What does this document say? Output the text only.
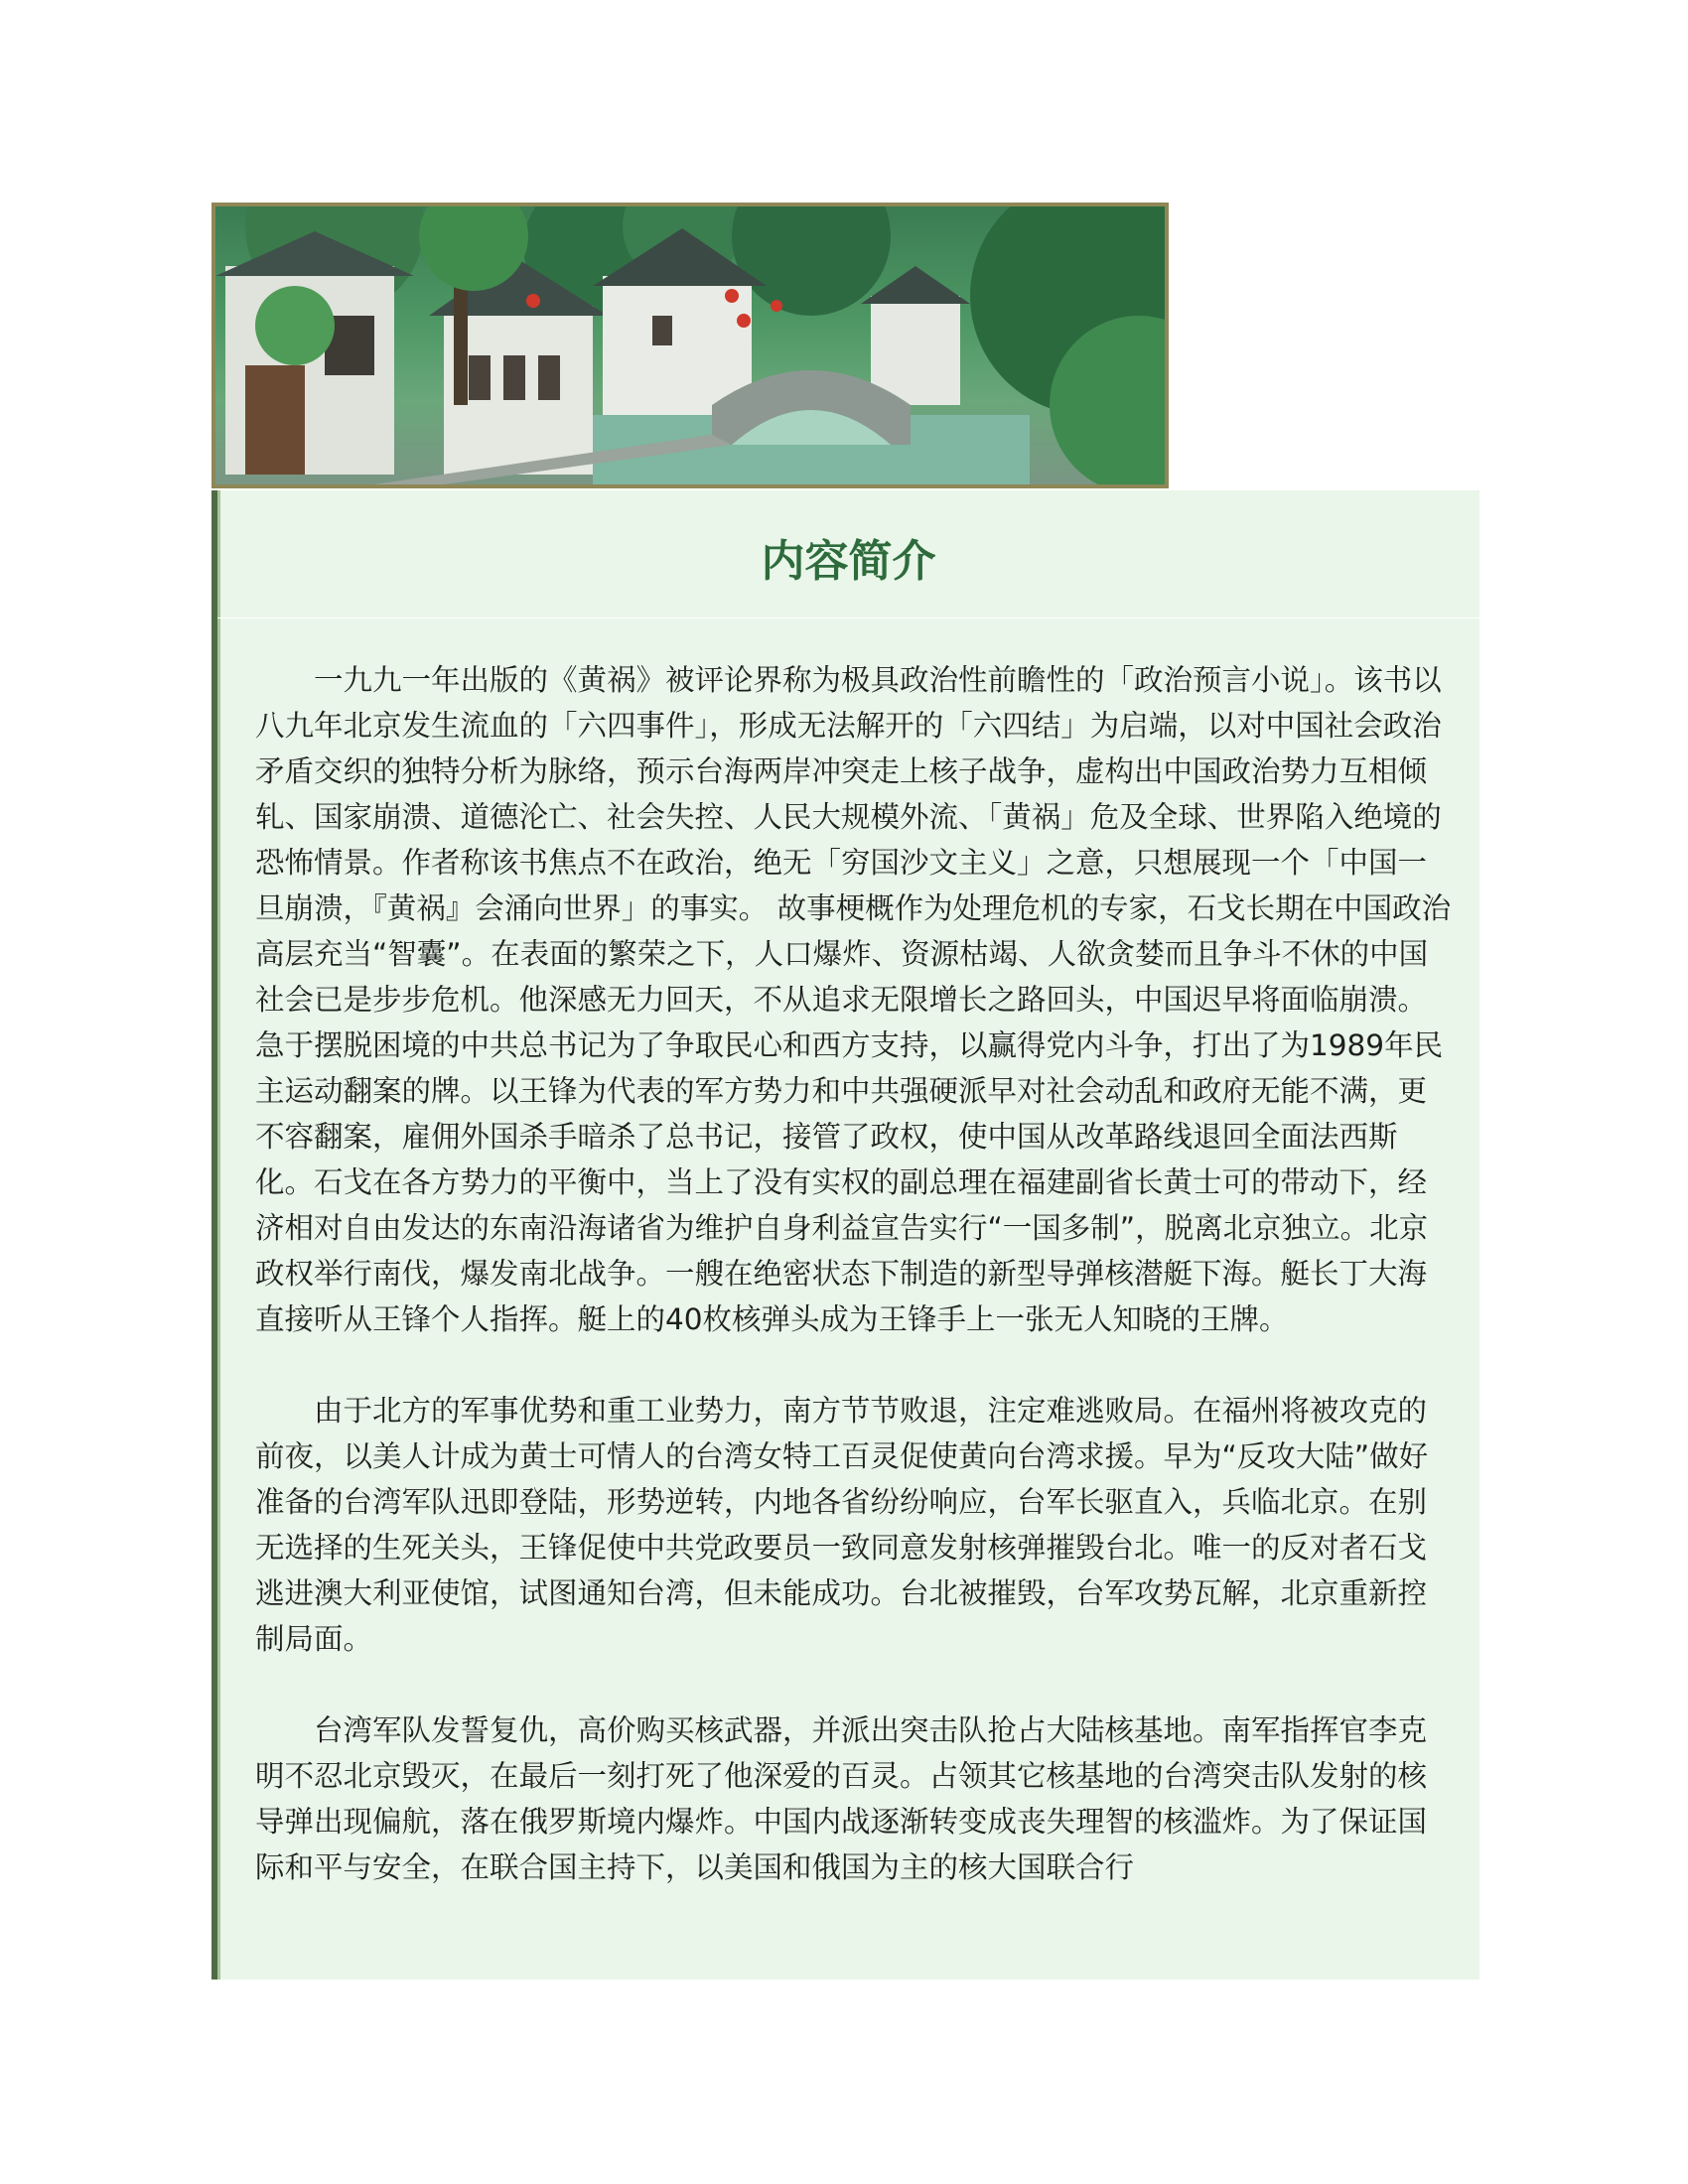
内容简介

一九九一年出版的《黄祸》被评论界称为极具政治性前瞻性的「政治预言小说」。该书以八九年北京发生流血的「六四事件」，形成无法解开的「六四结」为启端，以对中国社会政治矛盾交织的独特分析为脉络，预示台海两岸冲突走上核子战争，虚构出中国政治势力互相倾轧、国家崩溃、道德沦亡、社会失控、人民大规模外流、「黄祸」危及全球、世界陷入绝境的恐怖情景。作者称该书焦点不在政治，绝无「穷国沙文主义」之意，只想展现一个「中国一旦崩溃，『黄祸』会涌向世界」的事实。 故事梗概作为处理危机的专家，石戈长期在中国政治高层充当“智囊”。在表面的繁荣之下，人口爆炸、资源枯竭、人欲贪婪而且争斗不休的中国社会已是步步危机。他深感无力回天，不从追求无限增长之路回头，中国迟早将面临崩溃。急于摆脱困境的中共总书记为了争取民心和西方支持，以赢得党内斗争，打出了为1989年民主运动翻案的牌。以王锋为代表的军方势力和中共强硬派早对社会动乱和政府无能不满，更不容翻案，雇佣外国杀手暗杀了总书记，接管了政权，使中国从改革路线退回全面法西斯化。石戈在各方势力的平衡中，当上了没有实权的副总理在福建副省长黄士可的带动下，经济相对自由发达的东南沿海诸省为维护自身利益宣告实行“一国多制”，脱离北京独立。北京政权举行南伐，爆发南北战争。一艘在绝密状态下制造的新型导弹核潜艇下海。艇长丁大海直接听从王锋个人指挥。艇上的40枚核弹头成为王锋手上一张无人知晓的王牌。

由于北方的军事优势和重工业势力，南方节节败退，注定难逃败局。在福州将被攻克的前夜，以美人计成为黄士可情人的台湾女特工百灵促使黄向台湾求援。早为“反攻大陆”做好准备的台湾军队迅即登陆，形势逆转，内地各省纷纷响应，台军长驱直入，兵临北京。在别无选择的生死关头，王锋促使中共党政要员一致同意发射核弹摧毁台北。唯一的反对者石戈逃进澳大利亚使馆，试图通知台湾，但未能成功。台北被摧毁，台军攻势瓦解，北京重新控制局面。

台湾军队发誓复仇，高价购买核武器，并派出突击队抢占大陆核基地。南军指挥官李克明不忍北京毁灭，在最后一刻打死了他深爱的百灵。占领其它核基地的台湾突击队发射的核导弹出现偏航，落在俄罗斯境内爆炸。中国内战逐渐转变成丧失理智的核滥炸。为了保证国际和平与安全，在联合国主持下，以美国和俄国为主的核大国联合行
